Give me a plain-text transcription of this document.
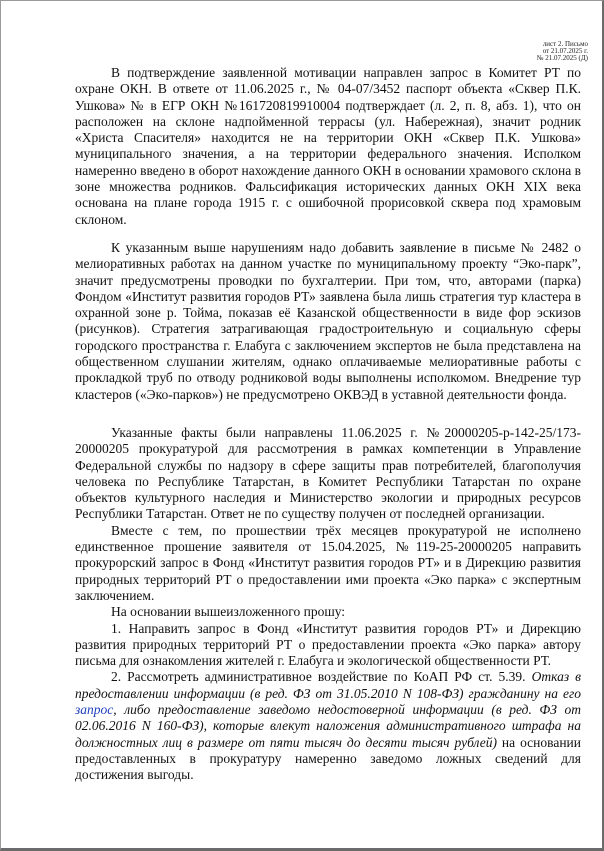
лист 2. Письмо
от 21.07.2025 г.
№ 21.07.2025 (Д)

В подтверждение заявленной мотивации направлен запрос в Комитет РТ по охране ОКН. В ответе от 11.06.2025 г., № 04-07/3452 паспорт объекта «Сквер П.К. Ушкова» № в ЕГР ОКН №161720819910004 подтверждает (л. 2, п. 8, абз. 1), что он расположен на склоне надпойменной террасы (ул. Набережная), значит родник «Христа Спасителя» находится не на территории ОКН «Сквер П.К. Ушкова» муниципального значения, а на территории федерального значения. Исполком намеренно введено в оборот нахождение данного ОКН в основании храмового склона в зоне множества родников. Фальсификация исторических данных ОКН XIX века основана на плане города 1915 г. с ошибочной прорисовкой сквера под храмовым склоном.

К указанным выше нарушениям надо добавить заявление в письме № 2482 о мелиоративных работах на данном участке по муниципальному проекту “Эко-парк”, значит предусмотрены проводки по бухгалтерии. При том, что, авторами (парка) Фондом «Институт развития городов РТ» заявлена была лишь стратегия тур кластера в охранной зоне р. Тойма, показав её Казанской общественности в виде фор эскизов (рисунков). Стратегия затрагивающая градостроительную и социальную сферы городского пространства г. Елабуга с заключением экспертов не была представлена на общественном слушании жителям, однако оплачиваемые мелиоративные работы с прокладкой труб по отводу родниковой воды выполнены исполкомом. Внедрение тур кластеров («Эко-парков») не предусмотрено ОКВЭД в уставной деятельности фонда.

Указанные факты были направлены 11.06.2025 г. №20000205-р-142-25/173-20000205 прокуратурой для рассмотрения в рамках компетенции в Управление Федеральной службы по надзору в сфере защиты прав потребителей, благополучия человека по Республике Татарстан, в Комитет Республики Татарстан по охране объектов культурного наследия и Министерство экологии и природных ресурсов Республики Татарстан. Ответ не по существу получен от последней организации.

Вместе с тем, по прошествии трёх месяцев прокуратурой не исполнено единственное прошение заявителя от 15.04.2025, №119-25-20000205 направить прокурорский запрос в Фонд «Институт развития городов РТ» и в Дирекцию развития природных территорий РТ о предоставлении ими проекта «Эко парка» с экспертным заключением.

На основании вышеизложенного прошу:

1. Направить запрос в Фонд «Институт развития городов РТ» и Дирекцию развития природных территорий РТ о предоставлении проекта «Эко парка» автору письма для ознакомления жителей г. Елабуга и экологической общественности РТ.

2. Рассмотреть административное воздействие по КоАП РФ ст. 5.39. Отказ в предоставлении информации (в ред. ФЗ от 31.05.2010 N 108-ФЗ) гражданину на его запрос, либо предоставление заведомо недостоверной информации (в ред. ФЗ от 02.06.2016 N 160-ФЗ), которые влекут наложения административного штрафа на должностных лиц в размере от пяти тысяч до десяти тысяч рублей) на основании предоставленных в прокуратуру намеренно заведомо ложных сведений для достижения выгоды.
